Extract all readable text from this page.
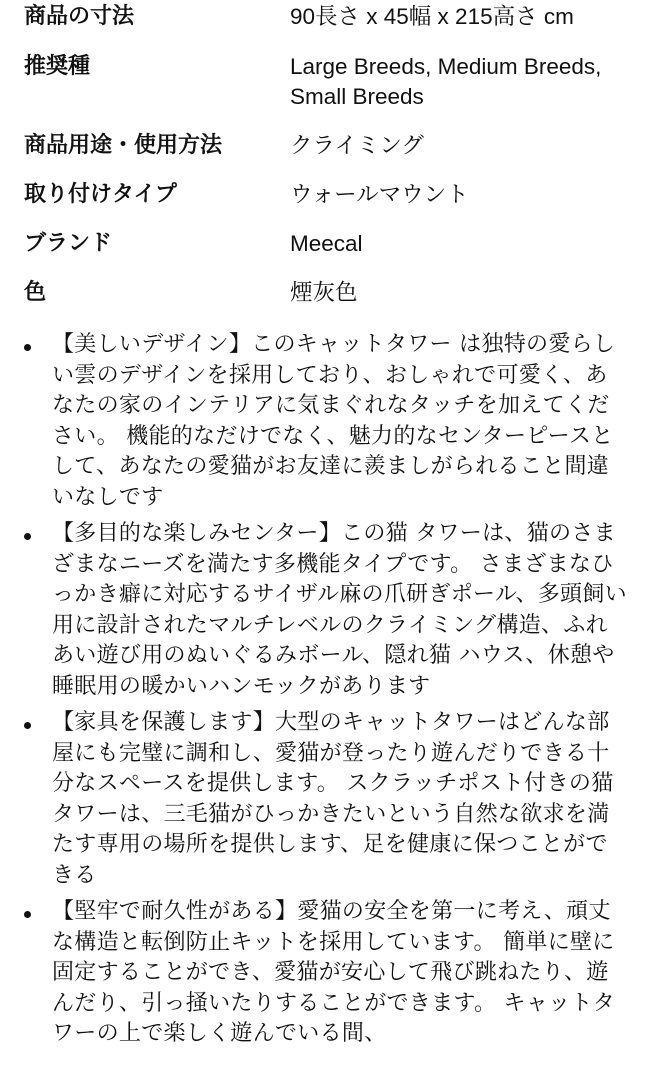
商品の寸法	90長さ x 45幅 x 215高さ cm
推奨種	Large Breeds, Medium Breeds, Small Breeds
商品用途・使用方法	クライミング
取り付けタイプ	ウォールマウント
ブランド	Meecal
色	煙灰色
【美しいデザイン】このキャットタワー は独特の愛らしい雲のデザインを採用しており、おしゃれで可愛く、あなたの家のインテリアに気まぐれなタッチを加えてください。 機能的なだけでなく、魅力的なセンターピースとして、あなたの愛猫がお友達に羨ましがられること間違いなしです
【多目的な楽しみセンター】この猫 タワーは、猫のさまざまなニーズを満たす多機能タイプです。 さまざまなひっかき癖に対応するサイザル麻の爪研ぎポール、多頭飼い用に設計されたマルチレベルのクライミング構造、ふれあい遊び用のぬいぐるみボール、隠れ猫 ハウス、休憩や睡眠用の暖かいハンモックがあります
【家具を保護します】大型のキャットタワーはどんな部屋にも完璧に調和し、愛猫が登ったり遊んだりできる十分なスペースを提供します。 スクラッチポスト付きの猫タワーは、三毛猫がひっかきたいという自然な欲求を満たす専用の場所を提供します、足を健康に保つことができる
【堅牢で耐久性がある】愛猫の安全を第一に考え、頑丈な構造と転倒防止キットを採用しています。 簡単に壁に固定することができ、愛猫が安心して飛び跳ねたり、遊んだり、引っ掻いたりすることができます。 キャットタワーの上で楽しく遊んでいる間、
